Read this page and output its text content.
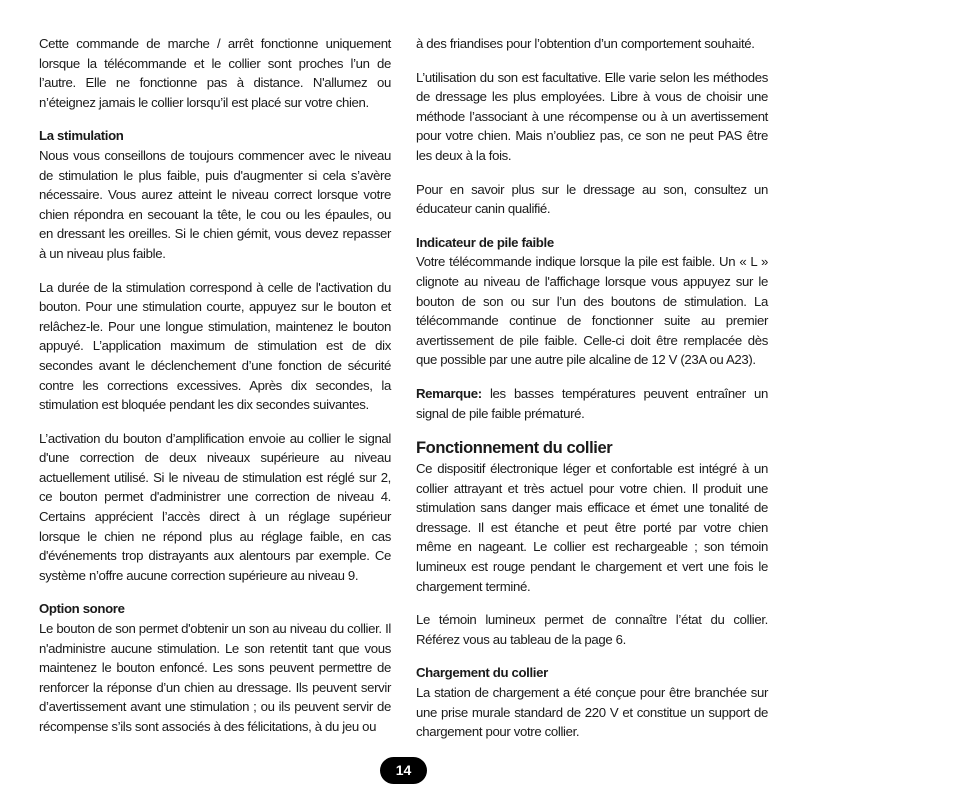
Cette commande de marche / arrêt fonctionne uniquement lorsque la télécommande et le collier sont proches l’un de l’autre. Elle ne fonctionne pas à distance. N'allumez ou n’éteignez jamais le collier lorsqu’il est placé sur votre chien.

La stimulation

Nous vous conseillons de toujours commencer avec le niveau de stimulation le plus faible, puis d'augmenter si cela s’avère nécessaire. Vous aurez atteint le niveau correct lorsque votre chien répondra en secouant la tête, le cou ou les épaules, ou en dressant les oreilles. Si le chien gémit, vous devez repasser à un niveau plus faible.

La durée de la stimulation correspond à celle de l'activation du bouton. Pour une stimulation courte, appuyez sur le bouton et relâchez-le. Pour une longue stimulation, maintenez le bouton appuyé. L’application maximum de stimulation est de dix secondes avant le déclenchement d’une fonction de sécurité contre les corrections excessives. Après dix secondes, la stimulation est bloquée pendant les dix secondes suivantes.

L’activation du bouton d’amplification envoie au collier le signal d'une correction de deux niveaux supérieure au niveau actuellement utilisé. Si le niveau de stimulation est réglé sur 2, ce bouton permet d'administrer une correction de niveau 4. Certains apprécient l’accès direct à un réglage supérieur lorsque le chien ne répond plus au réglage faible, en cas d'événements trop distrayants aux alentours par exemple. Ce système n’offre aucune correction supérieure au niveau 9.

Option sonore

Le bouton de son permet d'obtenir un son au niveau du collier. Il n'administre aucune stimulation. Le son retentit tant que vous maintenez le bouton enfoncé. Les sons peuvent permettre de renforcer la réponse d’un chien au dressage. Ils peuvent servir d’avertissement avant une stimulation ; ou ils peuvent servir de récompense s’ils sont associés à des félicitations, à du jeu ou

à des friandises pour l’obtention d’un comportement souhaité.

L’utilisation du son est facultative. Elle varie selon les méthodes de dressage les plus employées. Libre à vous de choisir une méthode l’associant à une récompense ou à un avertissement pour votre chien. Mais n’oubliez pas, ce son ne peut PAS être les deux à la fois.

Pour en savoir plus sur le dressage au son, consultez un éducateur canin qualifié.

Indicateur de pile faible

Votre télécommande indique lorsque la pile est faible. Un « L » clignote au niveau de l'affichage lorsque vous appuyez sur le bouton de son ou sur l’un des boutons de stimulation. La télécommande continue de fonctionner suite au premier avertissement de pile faible. Celle-ci doit être remplacée dès que possible par une autre pile alcaline de 12 V (23A ou A23).

Remarque: les basses températures peuvent entraîner un signal de pile faible prématuré.

Fonctionnement du collier

Ce dispositif électronique léger et confortable est intégré à un collier attrayant et très actuel pour votre chien. Il produit une stimulation sans danger mais efficace et émet une tonalité de dressage. Il est étanche et peut être porté par votre chien même en nageant. Le collier est rechargeable ; son témoin lumineux est rouge pendant le chargement et vert une fois le chargement terminé.

Le témoin lumineux permet de connaître l’état du collier. Référez vous au tableau de la page 6.

Chargement du collier

La station de chargement a été conçue pour être branchée sur une prise murale standard de 220 V et constitue un support de chargement pour votre collier.

14
